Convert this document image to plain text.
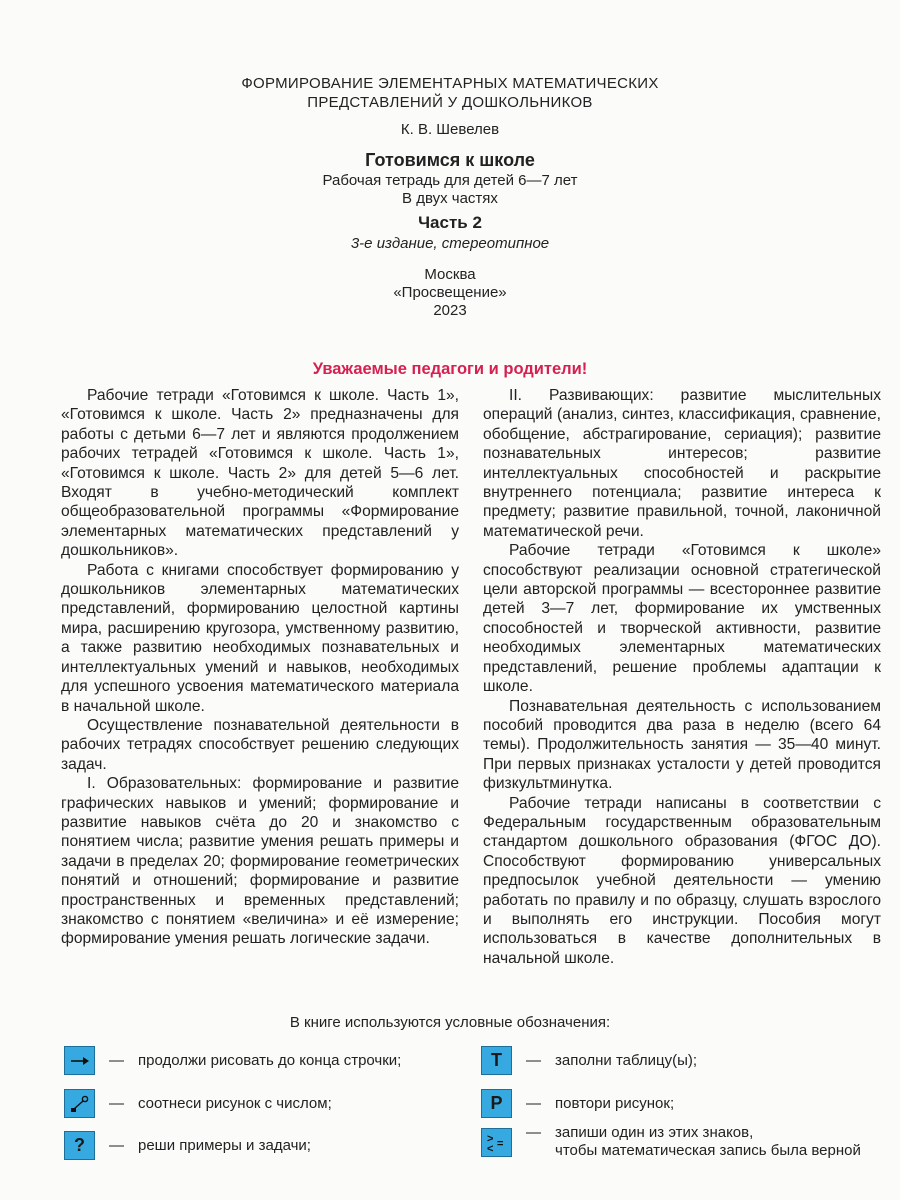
ФОРМИРОВАНИЕ ЭЛЕМЕНТАРНЫХ МАТЕМАТИЧЕСКИХ
ПРЕДСТАВЛЕНИЙ У ДОШКОЛЬНИКОВ
К. В. Шевелев
Готовимся к школе
Рабочая тетрадь для детей 6—7 лет
В двух частях
Часть 2
3-е издание, стереотипное
Москва
«Просвещение»
2023
Уважаемые педагоги и родители!

Рабочие тетради «Готовимся к школе. Часть 1», «Готовимся к школе. Часть 2» предназначены для работы с детьми 6—7 лет и являются продолжением рабочих тетрадей «Готовимся к школе. Часть 1», «Готовимся к школе. Часть 2» для детей 5—6 лет. Входят в учебно-методический комплект общеобразовательной программы «Формирование элементарных математических представлений у дошкольников».

Работа с книгами способствует формированию у дошкольников элементарных математических представлений, формированию целостной картины мира, расширению кругозора, умственному развитию, а также развитию необходимых познавательных и интеллектуальных умений и навыков, необходимых для успешного усвоения математического материала в начальной школе.

Осуществление познавательной деятельности в рабочих тетрадях способствует решению следующих задач.

I. Образовательных: формирование и развитие графических навыков и умений; формирование и развитие навыков счёта до 20 и знакомство с понятием числа; развитие умения решать примеры и задачи в пределах 20; формирование геометрических понятий и отношений; формирование и развитие пространственных и временных представлений; знакомство с понятием «величина» и её измерение; формирование умения решать логические задачи.

II. Развивающих: развитие мыслительных операций (анализ, синтез, классификация, сравнение, обобщение, абстрагирование, сериация); развитие познавательных интересов; развитие интеллектуальных способностей и раскрытие внутреннего потенциала; развитие интереса к предмету; развитие правильной, точной, лаконичной математической речи.

Рабочие тетради «Готовимся к школе» способствуют реализации основной стратегической цели авторской программы — всестороннее развитие детей 3—7 лет, формирование их умственных способностей и творческой активности, развитие необходимых элементарных математических представлений, решение проблемы адаптации к школе.

Познавательная деятельность с использованием пособий проводится два раза в неделю (всего 64 темы). Продолжительность занятия — 35—40 минут. При первых признаках усталости у детей проводится физкультминутка.

Рабочие тетради написаны в соответствии с Федеральным государственным образовательным стандартом дошкольного образования (ФГОС ДО). Способствуют формированию универсальных предпосылок учебной деятельности — умению работать по правилу и по образцу, слушать взрослого и выполнять его инструкции. Пособия могут использоваться в качестве дополнительных в начальной школе.

В книге используются условные обозначения:
— продолжи рисовать до конца строчки;
— соотнеси рисунок с числом;
?	— реши примеры и задачи;
Т	— заполни таблицу(ы);
Р	— повтори рисунок;
>
< =
— запиши один из этих знаков,
чтобы математическая запись была верной
